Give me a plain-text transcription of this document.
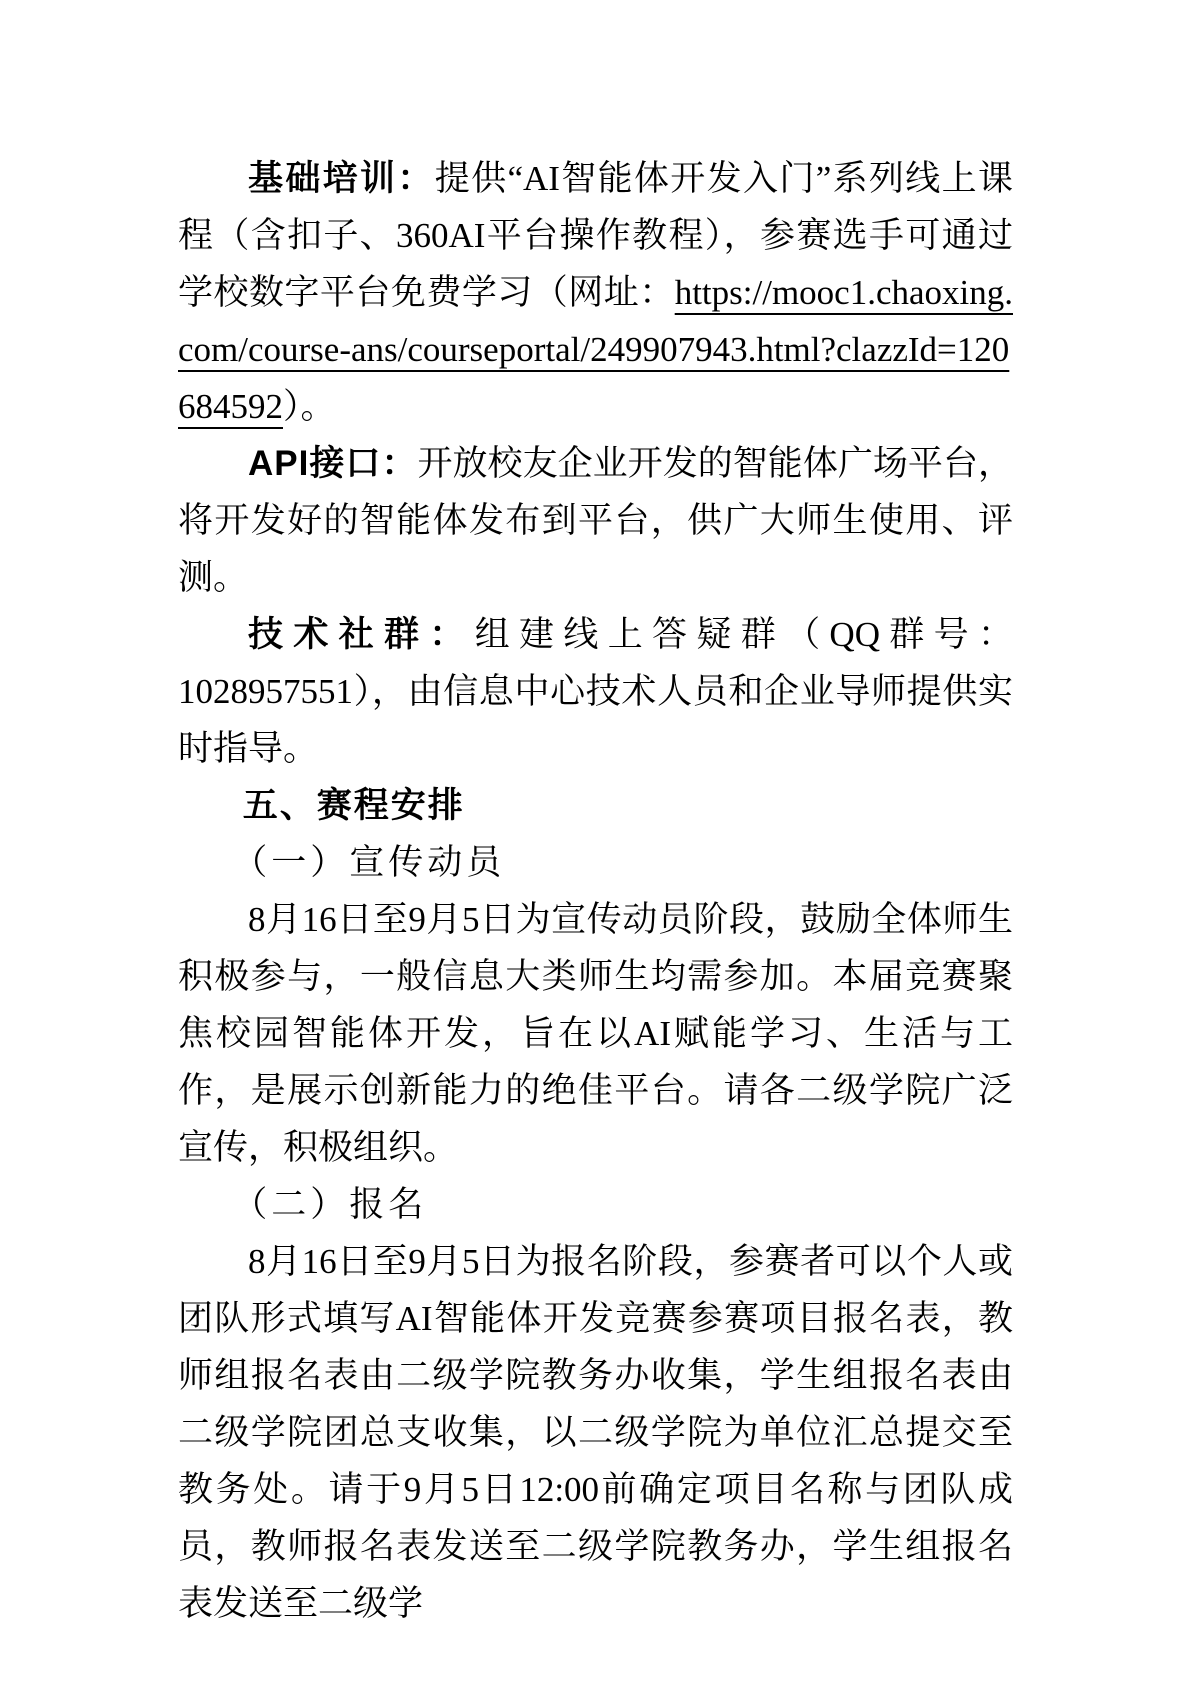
基础培训：提供“AI智能体开发入门”系列线上课程（含扣子、360AI平台操作教程），参赛选手可通过学校数字平台免费学习（网址：https://mooc1.chaoxing.com/course-ans/courseportal/249907943.html?clazzId=120684592）。

API接口：开放校友企业开发的智能体广场平台，将开发好的智能体发布到平台，供广大师生使用、评测。

技术社群：组建线上答疑群（QQ群号： 1028957551），由信息中心技术人员和企业导师提供实时指导。

五、赛程安排
（一）宣传动员

8月16日至9月5日为宣传动员阶段，鼓励全体师生积极参与，一般信息大类师生均需参加。本届竞赛聚焦校园智能体开发，旨在以AI赋能学习、生活与工作，是展示创新能力的绝佳平台。请各二级学院广泛宣传，积极组织。

（二）报名

8月16日至9月5日为报名阶段，参赛者可以个人或团队形式填写AI智能体开发竞赛参赛项目报名表，教师组报名表由二级学院教务办收集，学生组报名表由二级学院团总支收集，以二级学院为单位汇总提交至教务处。请于9月5日12:00前确定项目名称与团队成员，教师报名表发送至二级学院教务办，学生组报名表发送至二级学
